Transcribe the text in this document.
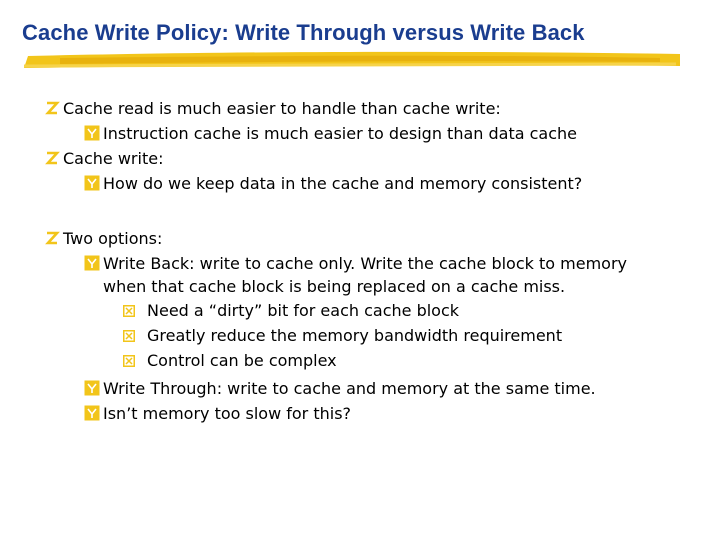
Cache Write Policy: Write Through versus Write Back
Cache read is much easier to handle than cache write:
Instruction cache is much easier to design than data cache
Cache write:
How do we keep data in the cache and memory consistent?
Two options:
Write Back: write to cache only. Write the cache block to memory
when that cache block is being replaced on a cache miss.
Need a “dirty” bit for each cache block
Greatly reduce the memory bandwidth requirement
Control can be complex
Write Through: write to cache and memory at the same time.
Isn’t memory too slow for this?
